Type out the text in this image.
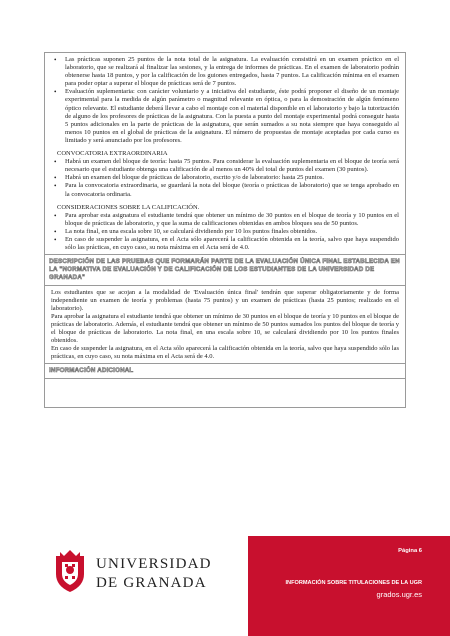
• Las prácticas suponen 25 puntos de la nota total de la asignatura. La evaluación consistirá en un examen práctico en el laboratorio, que se realizará al finalizar las sesiones, y la entrega de informes de prácticas. En el examen de laboratorio podrán obtenerse hasta 18 puntos, y por la calificación de los guiones entregados, hasta 7 puntos. La calificación mínima en el examen para poder optar a superar el bloque de prácticas será de 7 puntos.
• Evaluación suplementaria: con carácter voluntario y a iniciativa del estudiante, éste podrá proponer el diseño de un montaje experimental para la medida de algún parámetro o magnitud relevante en óptica, o para la demostración de algún fenómeno óptico relevante. El estudiante deberá llevar a cabo el montaje con el material disponible en el laboratorio y bajo la tutorización de alguno de los profesores de prácticas de la asignatura. Con la puesta a punto del montaje experimental podrá conseguir hasta 5 puntos adicionales en la parte de prácticas de la asignatura, que serán sumados a su nota siempre que haya conseguido al menos 10 puntos en el global de prácticas de la asignatura. El número de propuestas de montaje aceptadas por cada curso es limitado y será anunciado por los profesores.
CONVOCATORIA EXTRAORDINARIA
• Habrá un examen del bloque de teoría: hasta 75 puntos. Para considerar la evaluación suplementaria en el bloque de teoría será necesario que el estudiante obtenga una calificación de al menos un 40% del total de puntos del examen (30 puntos).
• Habrá un examen del bloque de prácticas de laboratorio, escrito y/o de laboratorio: hasta 25 puntos.
• Para la convocatoria extraordinaria, se guardará la nota del bloque (teoría o prácticas de laboratorio) que se tenga aprobado en la convocatoria ordinaria.
CONSIDERACIONES SOBRE LA CALIFICACIÓN.
• Para aprobar esta asignatura el estudiante tendrá que obtener un mínimo de 30 puntos en el bloque de teoría y 10 puntos en el bloque de prácticas de laboratorio, y que la suma de calificaciones obtenidas en ambos bloques sea de 50 puntos.
• La nota final, en una escala sobre 10, se calculará dividiendo por 10 los puntos finales obtenidos.
• En caso de suspender la asignatura, en el Acta sólo aparecerá la calificación obtenida en la teoría, salvo que haya suspendido sólo las prácticas, en cuyo caso, su nota máxima en el Acta será de 4.0.
DESCRIPCIÓN DE LAS PRUEBAS QUE FORMARÁN PARTE DE LA EVALUACIÓN ÚNICA FINAL ESTABLECIDA EN LA "NORMATIVA DE EVALUACIÓN Y DE CALIFICACIÓN DE LOS ESTUDIANTES DE LA UNIVERSIDAD DE GRANADA"

Los estudiantes que se acojan a la modalidad de 'Evaluación única final' tendrán que superar obligatoriamente y de forma independiente un examen de teoría y problemas (hasta 75 puntos) y un examen de prácticas (hasta 25 puntos; realizado en el laboratorio).

Para aprobar la asignatura el estudiante tendrá que obtener un mínimo de 30 puntos en el bloque de teoría y 10 puntos en el bloque de prácticas de laboratorio. Además, el estudiante tendrá que obtener un mínimo de 50 puntos sumados los puntos del bloque de teoría y el bloque de prácticas de laboratorio. La nota final, en una escala sobre 10, se calculará dividiendo por 10 los puntos finales obtenidos.

En caso de suspender la asignatura, en el Acta sólo aparecerá la calificación obtenida en la teoría, salvo que haya suspendido sólo las prácticas, en cuyo caso, su nota máxima en el Acta será de 4.0.

INFORMACIÓN ADICIONAL
UNIVERSIDAD
DE GRANADA
Página 6
INFORMACIÓN SOBRE TITULACIONES DE LA UGR
grados.ugr.es
